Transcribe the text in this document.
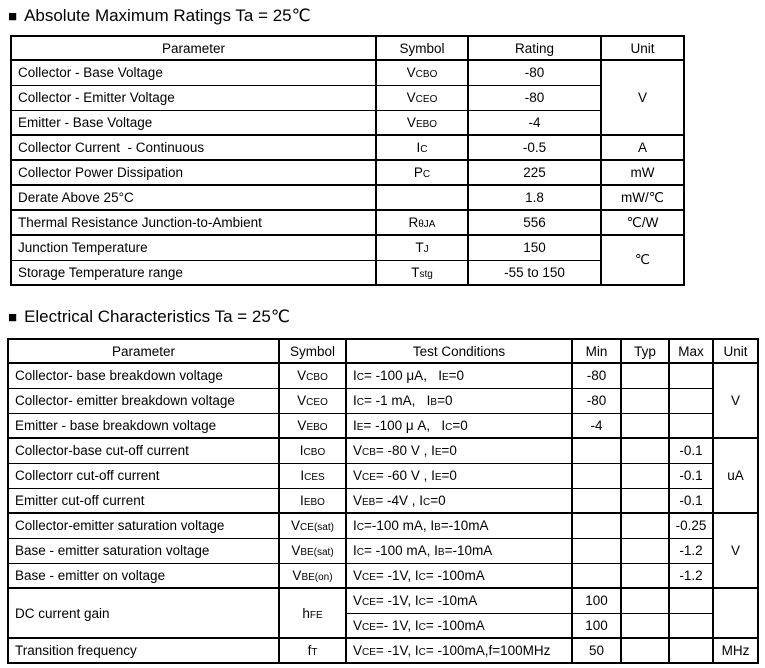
■ Absolute Maximum Ratings Ta = 25℃
Parameter	Symbol	Rating	Unit
Collector - Base Voltage	VCBO	-80	V
Collector - Emitter Voltage	VCEO	-80	
Emitter - Base Voltage	VEBO	-4	
Collector Current  - Continuous	IC	-0.5	A
Collector Power Dissipation	PC	225	mW
Derate Above 25°C		1.8	mW/℃
Thermal Resistance Junction-to-Ambient	RθJA	556	℃/W
Junction Temperature	TJ	150	℃
Storage Temperature range	Tstg	-55 to 150	
■ Electrical Characteristics Ta = 25℃
Parameter	Symbol	Test Conditions	Min	Typ	Max	Unit
Collector- base breakdown voltage	VCBO	IC= -100 μA,   IE=0	-80			V
Collector- emitter breakdown voltage	VCEO	IC= -1 mA,   IB=0	-80			
Emitter - base breakdown voltage	VEBO	IE= -100 μ A,   IC=0	-4			
Collector-base cut-off current	ICBO	VCB= -80 V , IE=0			-0.1	uA
Collectorr cut-off current	ICES	VCE= -60 V , IE=0			-0.1	
Emitter cut-off current	IEBO	VEB= -4V , IC=0			-0.1	
Collector-emitter saturation voltage	VCE(sat)	IC=-100 mA, IB=-10mA			-0.25	V
Base - emitter saturation voltage	VBE(sat)	IC= -100 mA, IB=-10mA			-1.2	
Base - emitter on voltage	VBE(on)	VCE= -1V, IC= -100mA			-1.2	
DC current gain	hFE	VCE= -1V, IC= -10mA	100			
		VCE=- 1V, IC= -100mA	100			
Transition frequency	fT	VCE= -1V, IC= -100mA,f=100MHz	50			MHz
